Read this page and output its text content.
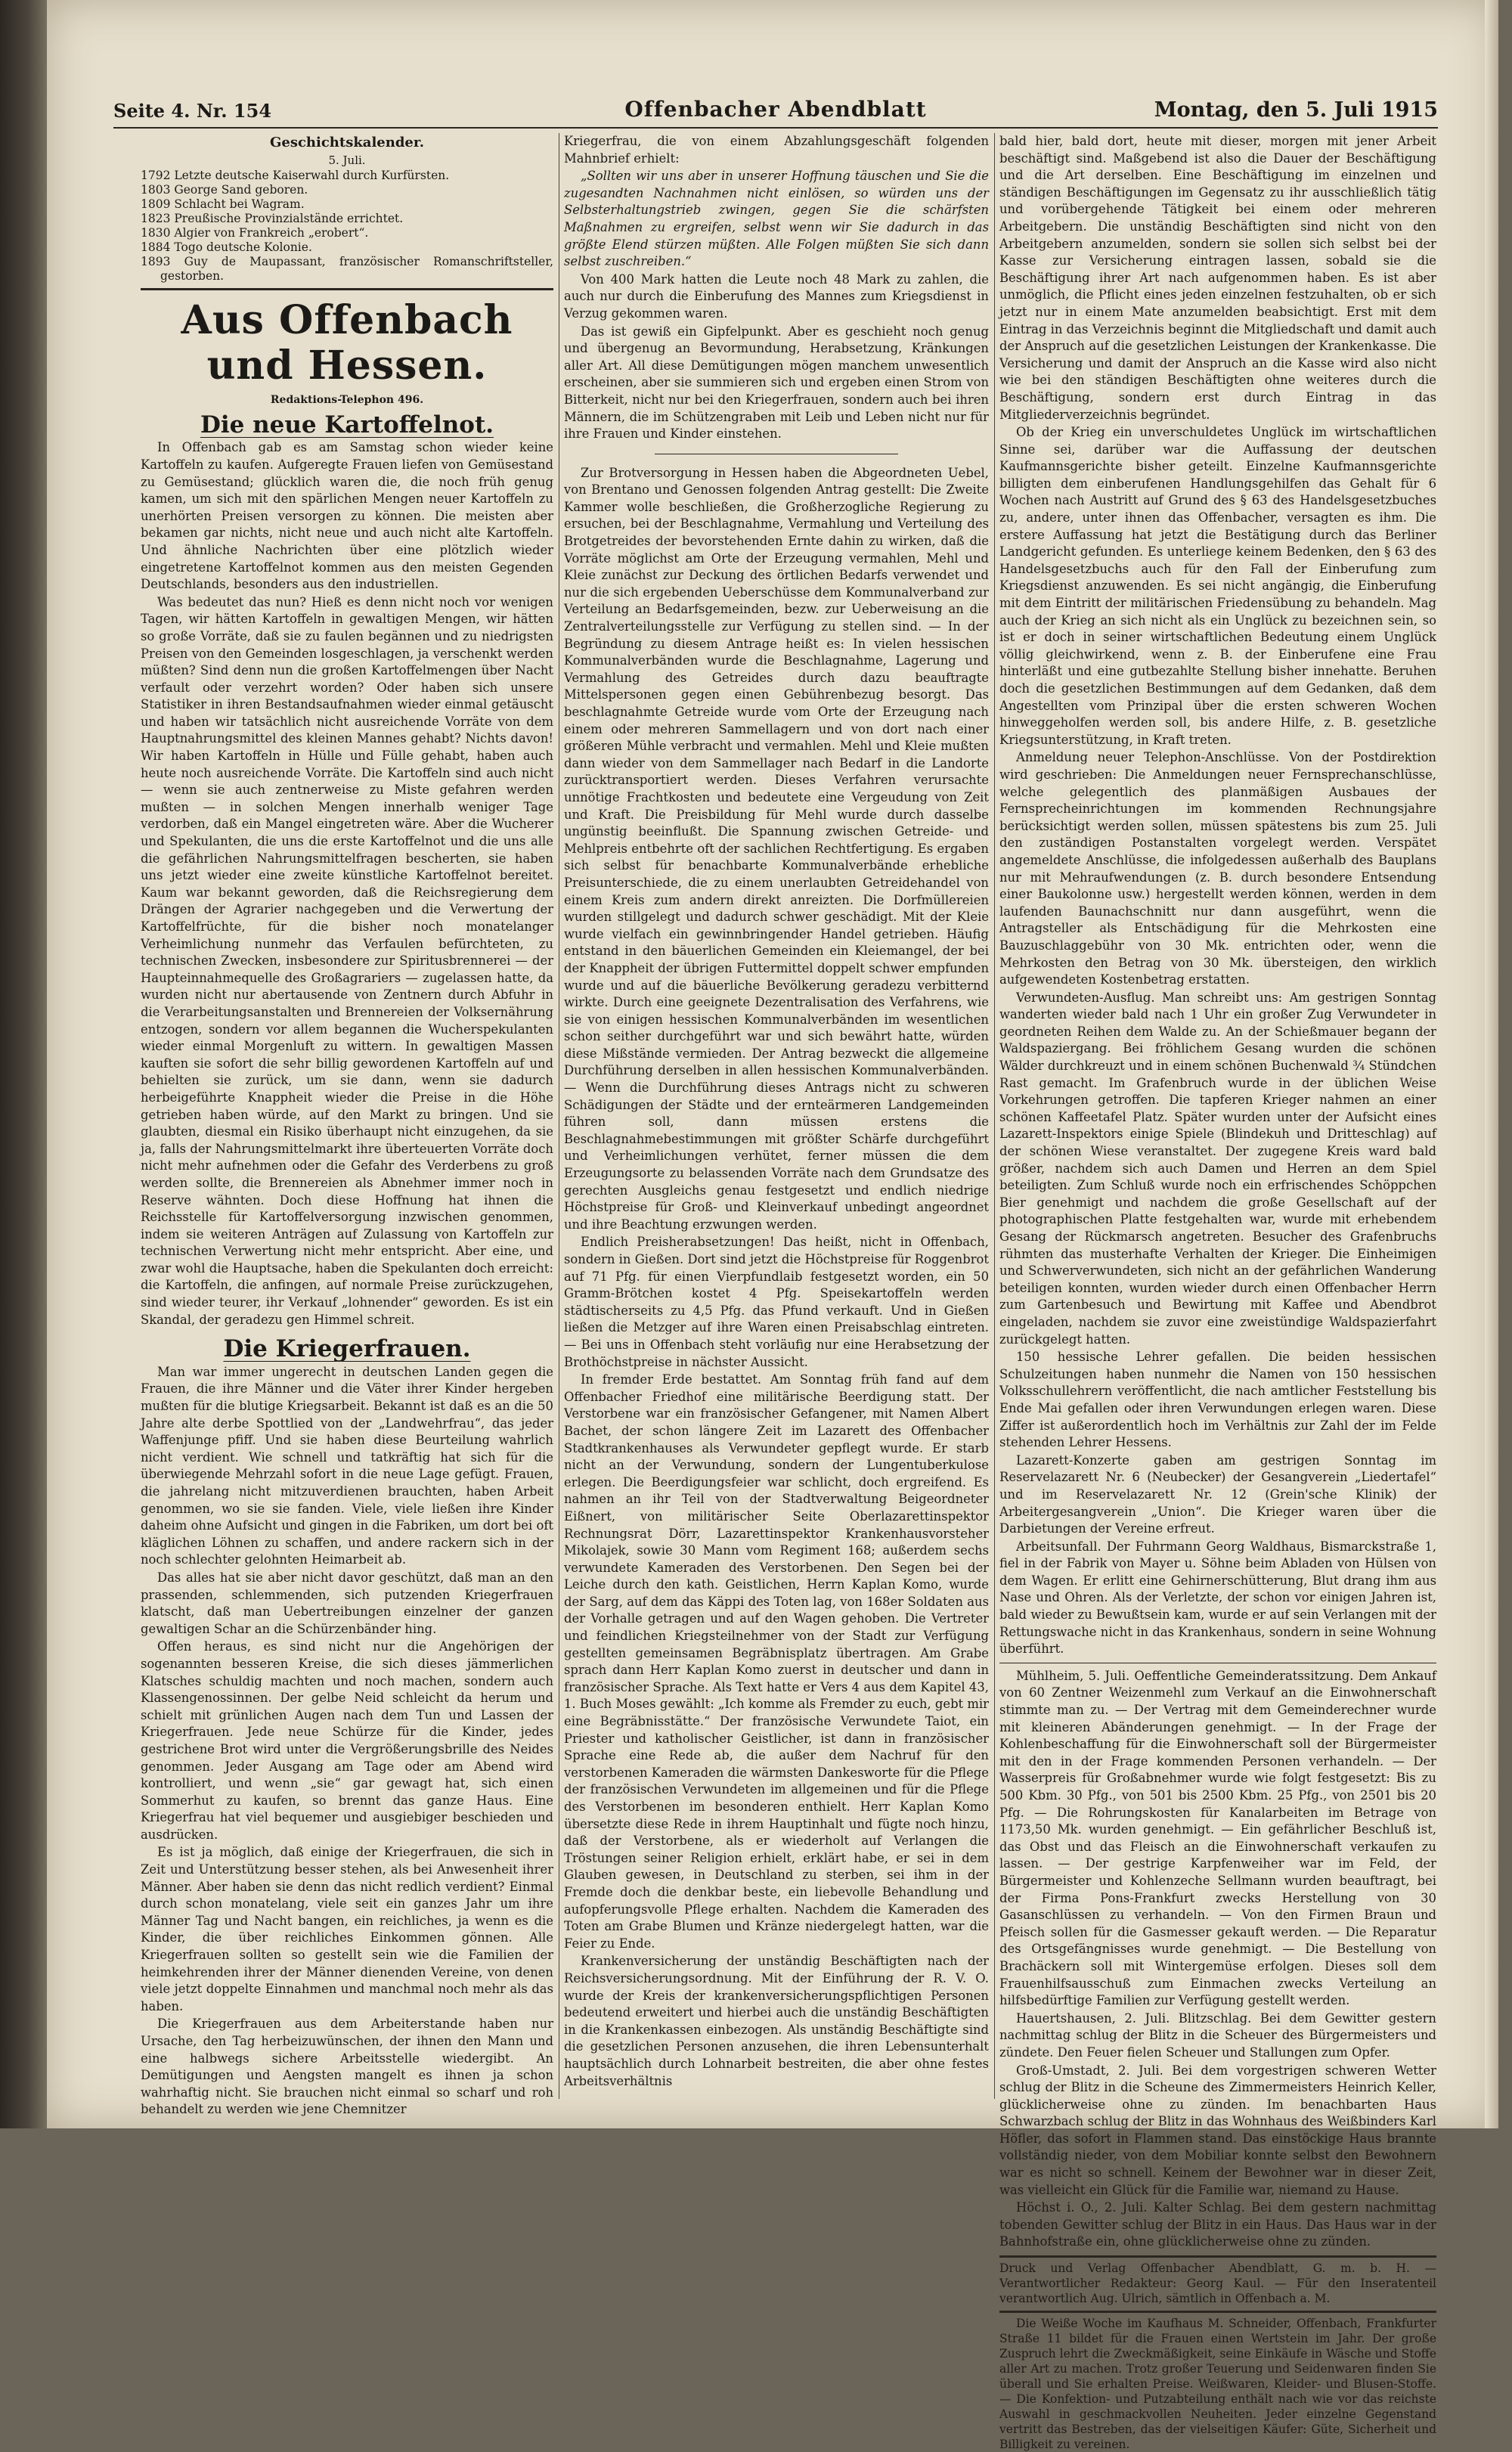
Seite 4. Nr. 154	Offenbacher Abendblatt	Montag, den 5. Juli 1915
Geschichtskalender.
5. Juli.
1792 Letzte deutsche Kaiserwahl durch Kurfürsten.
1803 George Sand geboren.
1809 Schlacht bei Wagram.
1823 Preußische Provinzialstände errichtet.
1830 Algier von Frankreich „erobert“.
1884 Togo deutsche Kolonie.
1893 Guy de Maupassant, französischer Romanschriftsteller, gestorben.
Aus Offenbach und Hessen.
Redaktions-Telephon 496.
Die neue Kartoffelnot.

In Offenbach gab es am Samstag schon wieder keine Kartoffeln zu kaufen. Aufgeregte Frauen liefen von Gemüsestand zu Gemüsestand; glücklich waren die, die noch früh genug kamen, um sich mit den spärlichen Mengen neuer Kartoffeln zu unerhörten Preisen versorgen zu können. Die meisten aber bekamen gar nichts, nicht neue und auch nicht alte Kartoffeln. Und ähnliche Nachrichten über eine plötzlich wieder eingetretene Kartoffelnot kommen aus den meisten Gegenden Deutschlands, besonders aus den industriellen.

Was bedeutet das nun? Hieß es denn nicht noch vor wenigen Tagen, wir hätten Kartoffeln in gewaltigen Mengen, wir hätten so große Vorräte, daß sie zu faulen begännen und zu niedrigsten Preisen von den Gemeinden losgeschlagen, ja verschenkt werden müßten? Sind denn nun die großen Kartoffelmengen über Nacht verfault oder verzehrt worden? Oder haben sich unsere Statistiker in ihren Bestandsaufnahmen wieder einmal getäuscht und haben wir tatsächlich nicht ausreichende Vorräte von dem Hauptnahrungsmittel des kleinen Mannes gehabt? Nichts davon! Wir haben Kartoffeln in Hülle und Fülle gehabt, haben auch heute noch ausreichende Vorräte. Die Kartoffeln sind auch nicht — wenn sie auch zentnerweise zu Miste gefahren werden mußten — in solchen Mengen innerhalb weniger Tage verdorben, daß ein Mangel eingetreten wäre. Aber die Wucherer und Spekulanten, die uns die erste Kartoffelnot und die uns alle die gefährlichen Nahrungsmittelfragen bescherten, sie haben uns jetzt wieder eine zweite künstliche Kartoffelnot bereitet. Kaum war bekannt geworden, daß die Reichsregierung dem Drängen der Agrarier nachgegeben und die Verwertung der Kartoffelfrüchte, für die bisher noch monatelanger Verheimlichung nunmehr das Verfaulen befürchteten, zu technischen Zwecken, insbesondere zur Spiritusbrennerei — der Haupteinnahmequelle des Großagrariers — zugelassen hatte, da wurden nicht nur abertausende von Zentnern durch Abfuhr in die Verarbeitungsanstalten und Brennereien der Volksernährung entzogen, sondern vor allem begannen die Wucherspekulanten wieder einmal Morgenluft zu wittern. In gewaltigen Massen kauften sie sofort die sehr billig gewordenen Kartoffeln auf und behielten sie zurück, um sie dann, wenn sie dadurch herbeigeführte Knappheit wieder die Preise in die Höhe getrieben haben würde, auf den Markt zu bringen. Und sie glaubten, diesmal ein Risiko überhaupt nicht einzugehen, da sie ja, falls der Nahrungsmittelmarkt ihre überteuerten Vorräte doch nicht mehr aufnehmen oder die Gefahr des Verderbens zu groß werden sollte, die Brennereien als Abnehmer immer noch in Reserve wähnten. Doch diese Hoffnung hat ihnen die Reichsstelle für Kartoffelversorgung inzwischen genommen, indem sie weiteren Anträgen auf Zulassung von Kartoffeln zur technischen Verwertung nicht mehr entspricht. Aber eine, und zwar wohl die Hauptsache, haben die Spekulanten doch erreicht: die Kartoffeln, die anfingen, auf normale Preise zurückzugehen, sind wieder teurer, ihr Verkauf „lohnender“ geworden. Es ist ein Skandal, der geradezu gen Himmel schreit.

Die Kriegerfrauen.

Man war immer ungerecht in deutschen Landen gegen die Frauen, die ihre Männer und die Väter ihrer Kinder hergeben mußten für die blutige Kriegsarbeit. Bekannt ist daß es an die 50 Jahre alte derbe Spottlied von der „Landwehrfrau“, das jeder Waffenjunge pfiff. Und sie haben diese Beurteilung wahrlich nicht verdient. Wie schnell und tatkräftig hat sich für die überwiegende Mehrzahl sofort in die neue Lage gefügt. Frauen, die jahrelang nicht mitzuverdienen brauchten, haben Arbeit genommen, wo sie sie fanden. Viele, viele ließen ihre Kinder daheim ohne Aufsicht und gingen in die Fabriken, um dort bei oft kläglichen Löhnen zu schaffen, und andere rackern sich in der noch schlechter gelohnten Heimarbeit ab.

Das alles hat sie aber nicht davor geschützt, daß man an den prassenden, schlemmenden, sich putzenden Kriegerfrauen klatscht, daß man Uebertreibungen einzelner der ganzen gewaltigen Schar an die Schürzenbänder hing.

Offen heraus, es sind nicht nur die Angehörigen der sogenannten besseren Kreise, die sich dieses jämmerlichen Klatsches schuldig machten und noch machen, sondern auch Klassengenossinnen. Der gelbe Neid schleicht da herum und schielt mit grünlichen Augen nach dem Tun und Lassen der Kriegerfrauen. Jede neue Schürze für die Kinder, jedes gestrichene Brot wird unter die Vergrößerungsbrille des Neides genommen. Jeder Ausgang am Tage oder am Abend wird kontrolliert, und wenn „sie“ gar gewagt hat, sich einen Sommerhut zu kaufen, so brennt das ganze Haus. Eine Kriegerfrau hat viel bequemer und ausgiebiger beschieden und ausdrücken.

Es ist ja möglich, daß einige der Kriegerfrauen, die sich in Zeit und Unterstützung besser stehen, als bei Anwesenheit ihrer Männer. Aber haben sie denn das nicht redlich verdient? Einmal durch schon monatelang, viele seit ein ganzes Jahr um ihre Männer Tag und Nacht bangen, ein reichliches, ja wenn es die Kinder, die über reichliches Einkommen gönnen. Alle Kriegerfrauen sollten so gestellt sein wie die Familien der heimkehrenden ihrer der Männer dienenden Vereine, von denen viele jetzt doppelte Einnahmen und manchmal noch mehr als das haben.

Die Kriegerfrauen aus dem Arbeiterstande haben nur Ursache, den Tag herbeizuwünschen, der ihnen den Mann und eine halbwegs sichere Arbeitsstelle wiedergibt. An Demütigungen und Aengsten mangelt es ihnen ja schon wahrhaftig nicht. Sie brauchen nicht einmal so scharf und roh behandelt zu werden wie jene Chemnitzer

Kriegerfrau, die von einem Abzahlungsgeschäft folgenden Mahnbrief erhielt:

„Sollten wir uns aber in unserer Hoffnung täuschen und Sie die zugesandten Nachnahmen nicht einlösen, so würden uns der Selbsterhaltungstrieb zwingen, gegen Sie die schärfsten Maßnahmen zu ergreifen, selbst wenn wir Sie dadurch in das größte Elend stürzen müßten. Alle Folgen müßten Sie sich dann selbst zuschreiben.“

Von 400 Mark hatten die Leute noch 48 Mark zu zahlen, die auch nur durch die Einberufung des Mannes zum Kriegsdienst in Verzug gekommen waren.

Das ist gewiß ein Gipfelpunkt. Aber es geschieht noch genug und übergenug an Bevormundung, Herabsetzung, Kränkungen aller Art. All diese Demütigungen mögen manchem unwesentlich erscheinen, aber sie summieren sich und ergeben einen Strom von Bitterkeit, nicht nur bei den Kriegerfrauen, sondern auch bei ihren Männern, die im Schützengraben mit Leib und Leben nicht nur für ihre Frauen und Kinder einstehen.

Zur Brotversorgung in Hessen haben die Abgeordneten Uebel, von Brentano und Genossen folgenden Antrag gestellt: Die Zweite Kammer wolle beschließen, die Großherzogliche Regierung zu ersuchen, bei der Beschlagnahme, Vermahlung und Verteilung des Brotgetreides der bevorstehenden Ernte dahin zu wirken, daß die Vorräte möglichst am Orte der Erzeugung vermahlen, Mehl und Kleie zunächst zur Deckung des örtlichen Bedarfs verwendet und nur die sich ergebenden Ueberschüsse dem Kommunalverband zur Verteilung an Bedarfsgemeinden, bezw. zur Ueberweisung an die Zentralverteilungsstelle zur Verfügung zu stellen sind. — In der Begründung zu diesem Antrage heißt es: In vielen hessischen Kommunalverbänden wurde die Beschlagnahme, Lagerung und Vermahlung des Getreides durch dazu beauftragte Mittelspersonen gegen einen Gebührenbezug besorgt. Das beschlagnahmte Getreide wurde vom Orte der Erzeugung nach einem oder mehreren Sammellagern und von dort nach einer größeren Mühle verbracht und vermahlen. Mehl und Kleie mußten dann wieder von dem Sammellager nach Bedarf in die Landorte zurücktransportiert werden. Dieses Verfahren verursachte unnötige Frachtkosten und bedeutete eine Vergeudung von Zeit und Kraft. Die Preisbildung für Mehl wurde durch dasselbe ungünstig beeinflußt. Die Spannung zwischen Getreide- und Mehlpreis entbehrte oft der sachlichen Rechtfertigung. Es ergaben sich selbst für benachbarte Kommunalverbände erhebliche Preisunterschiede, die zu einem unerlaubten Getreidehandel von einem Kreis zum andern direkt anreizten. Die Dorfmüllereien wurden stillgelegt und dadurch schwer geschädigt. Mit der Kleie wurde vielfach ein gewinnbringender Handel getrieben. Häufig entstand in den bäuerlichen Gemeinden ein Kleiemangel, der bei der Knappheit der übrigen Futtermittel doppelt schwer empfunden wurde und auf die bäuerliche Bevölkerung geradezu verbitternd wirkte. Durch eine geeignete Dezentralisation des Verfahrens, wie sie von einigen hessischen Kommunalverbänden im wesentlichen schon seither durchgeführt war und sich bewährt hatte, würden diese Mißstände vermieden. Der Antrag bezweckt die allgemeine Durchführung derselben in allen hessischen Kommunalverbänden. — Wenn die Durchführung dieses Antrags nicht zu schweren Schädigungen der Städte und der ernteärmeren Landgemeinden führen soll, dann müssen erstens die Beschlagnahmebestimmungen mit größter Schärfe durchgeführt und Verheimlichungen verhütet, ferner müssen die dem Erzeugungsorte zu belassenden Vorräte nach dem Grundsatze des gerechten Ausgleichs genau festgesetzt und endlich niedrige Höchstpreise für Groß- und Kleinverkauf unbedingt angeordnet und ihre Beachtung erzwungen werden.

Endlich Preisherabsetzungen! Das heißt, nicht in Offenbach, sondern in Gießen. Dort sind jetzt die Höchstpreise für Roggenbrot auf 71 Pfg. für einen Vierpfundlaib festgesetzt worden, ein 50 Gramm-Brötchen kostet 4 Pfg. Speisekartoffeln werden städtischerseits zu 4,5 Pfg. das Pfund verkauft. Und in Gießen ließen die Metzger auf ihre Waren einen Preisabschlag eintreten. — Bei uns in Offenbach steht vorläufig nur eine Herabsetzung der Brothöchstpreise in nächster Aussicht.

In fremder Erde bestattet. Am Sonntag früh fand auf dem Offenbacher Friedhof eine militärische Beerdigung statt. Der Verstorbene war ein französischer Gefangener, mit Namen Albert Bachet, der schon längere Zeit im Lazarett des Offenbacher Stadtkrankenhauses als Verwundeter gepflegt wurde. Er starb nicht an der Verwundung, sondern der Lungentuberkulose erlegen. Die Beerdigungsfeier war schlicht, doch ergreifend. Es nahmen an ihr Teil von der Stadtverwaltung Beigeordneter Eißnert, von militärischer Seite Oberlazarettinspektor Rechnungsrat Dörr, Lazarettinspektor Krankenhausvorsteher Mikolajek, sowie 30 Mann vom Regiment 168; außerdem sechs verwundete Kameraden des Verstorbenen. Den Segen bei der Leiche durch den kath. Geistlichen, Herrn Kaplan Komo, wurde der Sarg, auf dem das Käppi des Toten lag, von 168er Soldaten aus der Vorhalle getragen und auf den Wagen gehoben. Die Vertreter und feindlichen Kriegsteilnehmer von der Stadt zur Verfügung gestellten gemeinsamen Begräbnisplatz übertragen. Am Grabe sprach dann Herr Kaplan Komo zuerst in deutscher und dann in französischer Sprache. Als Text hatte er Vers 4 aus dem Kapitel 43, 1. Buch Moses gewählt: „Ich komme als Fremder zu euch, gebt mir eine Begräbnisstätte.“ Der französische Verwundete Taiot, ein Priester und katholischer Geistlicher, ist dann in französischer Sprache eine Rede ab, die außer dem Nachruf für den verstorbenen Kameraden die wärmsten Dankesworte für die Pflege der französischen Verwundeten im allgemeinen und für die Pflege des Verstorbenen im besonderen enthielt. Herr Kaplan Komo übersetzte diese Rede in ihrem Hauptinhalt und fügte noch hinzu, daß der Verstorbene, als er wiederholt auf Verlangen die Tröstungen seiner Religion erhielt, erklärt habe, er sei in dem Glauben gewesen, in Deutschland zu sterben, sei ihm in der Fremde doch die denkbar beste, ein liebevolle Behandlung und aufopferungsvolle Pflege erhalten. Nachdem die Kameraden des Toten am Grabe Blumen und Kränze niedergelegt hatten, war die Feier zu Ende.

Krankenversicherung der unständig Beschäftigten nach der Reichsversicherungsordnung. Mit der Einführung der R. V. O. wurde der Kreis der krankenversicherungspflichtigen Personen bedeutend erweitert und hierbei auch die unständig Beschäftigten in die Krankenkassen einbezogen. Als unständig Beschäftigte sind die gesetzlichen Personen anzusehen, die ihren Lebensunterhalt hauptsächlich durch Lohnarbeit bestreiten, die aber ohne festes Arbeitsverhältnis

bald hier, bald dort, heute mit dieser, morgen mit jener Arbeit beschäftigt sind. Maßgebend ist also die Dauer der Beschäftigung und die Art derselben. Eine Beschäftigung im einzelnen und ständigen Beschäftigungen im Gegensatz zu ihr ausschließlich tätig und vorübergehende Tätigkeit bei einem oder mehreren Arbeitgebern. Die unständig Beschäftigten sind nicht von den Arbeitgebern anzumelden, sondern sie sollen sich selbst bei der Kasse zur Versicherung eintragen lassen, sobald sie die Beschäftigung ihrer Art nach aufgenommen haben. Es ist aber unmöglich, die Pflicht eines jeden einzelnen festzuhalten, ob er sich jetzt nur in einem Mate anzumelden beabsichtigt. Erst mit dem Eintrag in das Verzeichnis beginnt die Mitgliedschaft und damit auch der Anspruch auf die gesetzlichen Leistungen der Krankenkasse. Die Versicherung und damit der Anspruch an die Kasse wird also nicht wie bei den ständigen Beschäftigten ohne weiteres durch die Beschäftigung, sondern erst durch Eintrag in das Mitgliederverzeichnis begründet.

Ob der Krieg ein unverschuldetes Unglück im wirtschaftlichen Sinne sei, darüber war die Auffassung der deutschen Kaufmannsgerichte bisher geteilt. Einzelne Kaufmannsgerichte billigten dem einberufenen Handlungsgehilfen das Gehalt für 6 Wochen nach Austritt auf Grund des § 63 des Handelsgesetzbuches zu, andere, unter ihnen das Offenbacher, versagten es ihm. Die erstere Auffassung hat jetzt die Bestätigung durch das Berliner Landgericht gefunden. Es unterliege keinem Bedenken, den § 63 des Handelsgesetzbuchs auch für den Fall der Einberufung zum Kriegsdienst anzuwenden. Es sei nicht angängig, die Einberufung mit dem Eintritt der militärischen Friedensübung zu behandeln. Mag auch der Krieg an sich nicht als ein Unglück zu bezeichnen sein, so ist er doch in seiner wirtschaftlichen Bedeutung einem Unglück völlig gleichwirkend, wenn z. B. der Einberufene eine Frau hinterläßt und eine gutbezahlte Stellung bisher innehatte. Beruhen doch die gesetzlichen Bestimmungen auf dem Gedanken, daß dem Angestellten vom Prinzipal über die ersten schweren Wochen hinweggeholfen werden soll, bis andere Hilfe, z. B. gesetzliche Kriegsunterstützung, in Kraft treten.

Anmeldung neuer Telephon-Anschlüsse. Von der Postdirektion wird geschrieben: Die Anmeldungen neuer Fernsprechanschlüsse, welche gelegentlich des planmäßigen Ausbaues der Fernsprecheinrichtungen im kommenden Rechnungsjahre berücksichtigt werden sollen, müssen spätestens bis zum 25. Juli den zuständigen Postanstalten vorgelegt werden. Verspätet angemeldete Anschlüsse, die infolgedessen außerhalb des Bauplans nur mit Mehraufwendungen (z. B. durch besondere Entsendung einer Baukolonne usw.) hergestellt werden können, werden in dem laufenden Baunachschnitt nur dann ausgeführt, wenn die Antragsteller als Entschädigung für die Mehrkosten eine Bauzuschlaggebühr von 30 Mk. entrichten oder, wenn die Mehrkosten den Betrag von 30 Mk. übersteigen, den wirklich aufgewendeten Kostenbetrag erstatten.

Verwundeten-Ausflug. Man schreibt uns: Am gestrigen Sonntag wanderten wieder bald nach 1 Uhr ein großer Zug Verwundeter in geordneten Reihen dem Walde zu. An der Schießmauer begann der Waldspaziergang. Bei fröhlichem Gesang wurden die schönen Wälder durchkreuzt und in einem schönen Buchenwald ¾ Stündchen Rast gemacht. Im Grafenbruch wurde in der üblichen Weise Vorkehrungen getroffen. Die tapferen Krieger nahmen an einer schönen Kaffeetafel Platz. Später wurden unter der Aufsicht eines Lazarett-Inspektors einige Spiele (Blindekuh und Dritteschlag) auf der schönen Wiese veranstaltet. Der zugegene Kreis ward bald größer, nachdem sich auch Damen und Herren an dem Spiel beteiligten. Zum Schluß wurde noch ein erfrischendes Schöppchen Bier genehmigt und nachdem die große Gesellschaft auf der photographischen Platte festgehalten war, wurde mit erhebendem Gesang der Rückmarsch angetreten. Besucher des Grafenbruchs rühmten das musterhafte Verhalten der Krieger. Die Einheimigen und Schwerverwundeten, sich nicht an der gefährlichen Wanderung beteiligen konnten, wurden wieder durch einen Offenbacher Herrn zum Gartenbesuch und Bewirtung mit Kaffee und Abendbrot eingeladen, nachdem sie zuvor eine zweistündige Waldspazierfahrt zurückgelegt hatten.

150 hessische Lehrer gefallen. Die beiden hessischen Schulzeitungen haben nunmehr die Namen von 150 hessischen Volksschullehrern veröffentlicht, die nach amtlicher Feststellung bis Ende Mai gefallen oder ihren Verwundungen erlegen waren. Diese Ziffer ist außerordentlich hoch im Verhältnis zur Zahl der im Felde stehenden Lehrer Hessens.

Lazarett-Konzerte gaben am gestrigen Sonntag im Reservelazarett Nr. 6 (Neubecker) der Gesangverein „Liedertafel“ und im Reservelazarett Nr. 12 (Grein'sche Klinik) der Arbeitergesangverein „Union“. Die Krieger waren über die Darbietungen der Vereine erfreut.

Arbeitsunfall. Der Fuhrmann Georg Waldhaus, Bismarckstraße 1, fiel in der Fabrik von Mayer u. Söhne beim Abladen von Hülsen von dem Wagen. Er erlitt eine Gehirnerschütterung, Blut drang ihm aus Nase und Ohren. Als der Verletzte, der schon vor einigen Jahren ist, bald wieder zu Bewußtsein kam, wurde er auf sein Verlangen mit der Rettungswache nicht in das Krankenhaus, sondern in seine Wohnung überführt.

Mühlheim, 5. Juli. Oeffentliche Gemeinderatssitzung. Dem Ankauf von 60 Zentner Weizenmehl zum Verkauf an die Einwohnerschaft stimmte man zu. — Der Vertrag mit dem Gemeinderechner wurde mit kleineren Abänderungen genehmigt. — In der Frage der Kohlenbeschaffung für die Einwohnerschaft soll der Bürgermeister mit den in der Frage kommenden Personen verhandeln. — Der Wasserpreis für Großabnehmer wurde wie folgt festgesetzt: Bis zu 500 Kbm. 30 Pfg., von 501 bis 2500 Kbm. 25 Pfg., von 2501 bis 20 Pfg. — Die Rohrungskosten für Kanalarbeiten im Betrage von 1173,50 Mk. wurden genehmigt. — Ein gefährlicher Beschluß ist, das Obst und das Fleisch an die Einwohnerschaft verkaufen zu lassen. — Der gestrige Karpfenweiher war im Feld, der Bürgermeister und Kohlenzeche Sellmann wurden beauftragt, bei der Firma Pons-Frankfurt zwecks Herstellung von 30 Gasanschlüssen zu verhandeln. — Von den Firmen Braun und Pfeisch sollen für die Gasmesser gekauft werden. — Die Reparatur des Ortsgefängnisses wurde genehmigt. — Die Bestellung von Brachäckern soll mit Wintergemüse erfolgen. Dieses soll dem Frauenhilfsausschuß zum Einmachen zwecks Verteilung an hilfsbedürftige Familien zur Verfügung gestellt werden.

Hauertshausen, 2. Juli. Blitzschlag. Bei dem Gewitter gestern nachmittag schlug der Blitz in die Scheuer des Bürgermeisters und zündete. Den Feuer fielen Scheuer und Stallungen zum Opfer.

Groß-Umstadt, 2. Juli. Bei dem vorgestrigen schweren Wetter schlug der Blitz in die Scheune des Zimmermeisters Heinrich Keller, glücklicherweise ohne zu zünden. Im benachbarten Haus Schwarzbach schlug der Blitz in das Wohnhaus des Weißbinders Karl Höfler, das sofort in Flammen stand. Das einstöckige Haus brannte vollständig nieder, von dem Mobiliar konnte selbst den Bewohnern war es nicht so schnell. Keinem der Bewohner war in dieser Zeit, was vielleicht ein Glück für die Familie war, niemand zu Hause.

Höchst i. O., 2. Juli. Kalter Schlag. Bei dem gestern nachmittag tobenden Gewitter schlug der Blitz in ein Haus. Das Haus war in der Bahnhofstraße ein, ohne glücklicherweise ohne zu zünden.

Druck und Verlag Offenbacher Abendblatt, G. m. b. H. — Verantwortlicher Redakteur: Georg Kaul. — Für den Inseratenteil verantwortlich Aug. Ulrich, sämtlich in Offenbach a. M.

Die Weiße Woche im Kaufhaus M. Schneider, Offenbach, Frankfurter Straße 11 bildet für die Frauen einen Wertstein im Jahr. Der große Zuspruch lehrt die Zweckmäßigkeit, seine Einkäufe in Wäsche und Stoffe aller Art zu machen. Trotz großer Teuerung und Seidenwaren finden Sie überall und Sie erhalten Preise. Weißwaren, Kleider- und Blusen-Stoffe. — Die Konfektion- und Putzabteilung enthält nach wie vor das reichste Auswahl in geschmackvollen Neuheiten. Jeder einzelne Gegenstand vertritt das Bestreben, das der vielseitigen Käufer: Güte, Sicherheit und Billigkeit zu vereinen.
